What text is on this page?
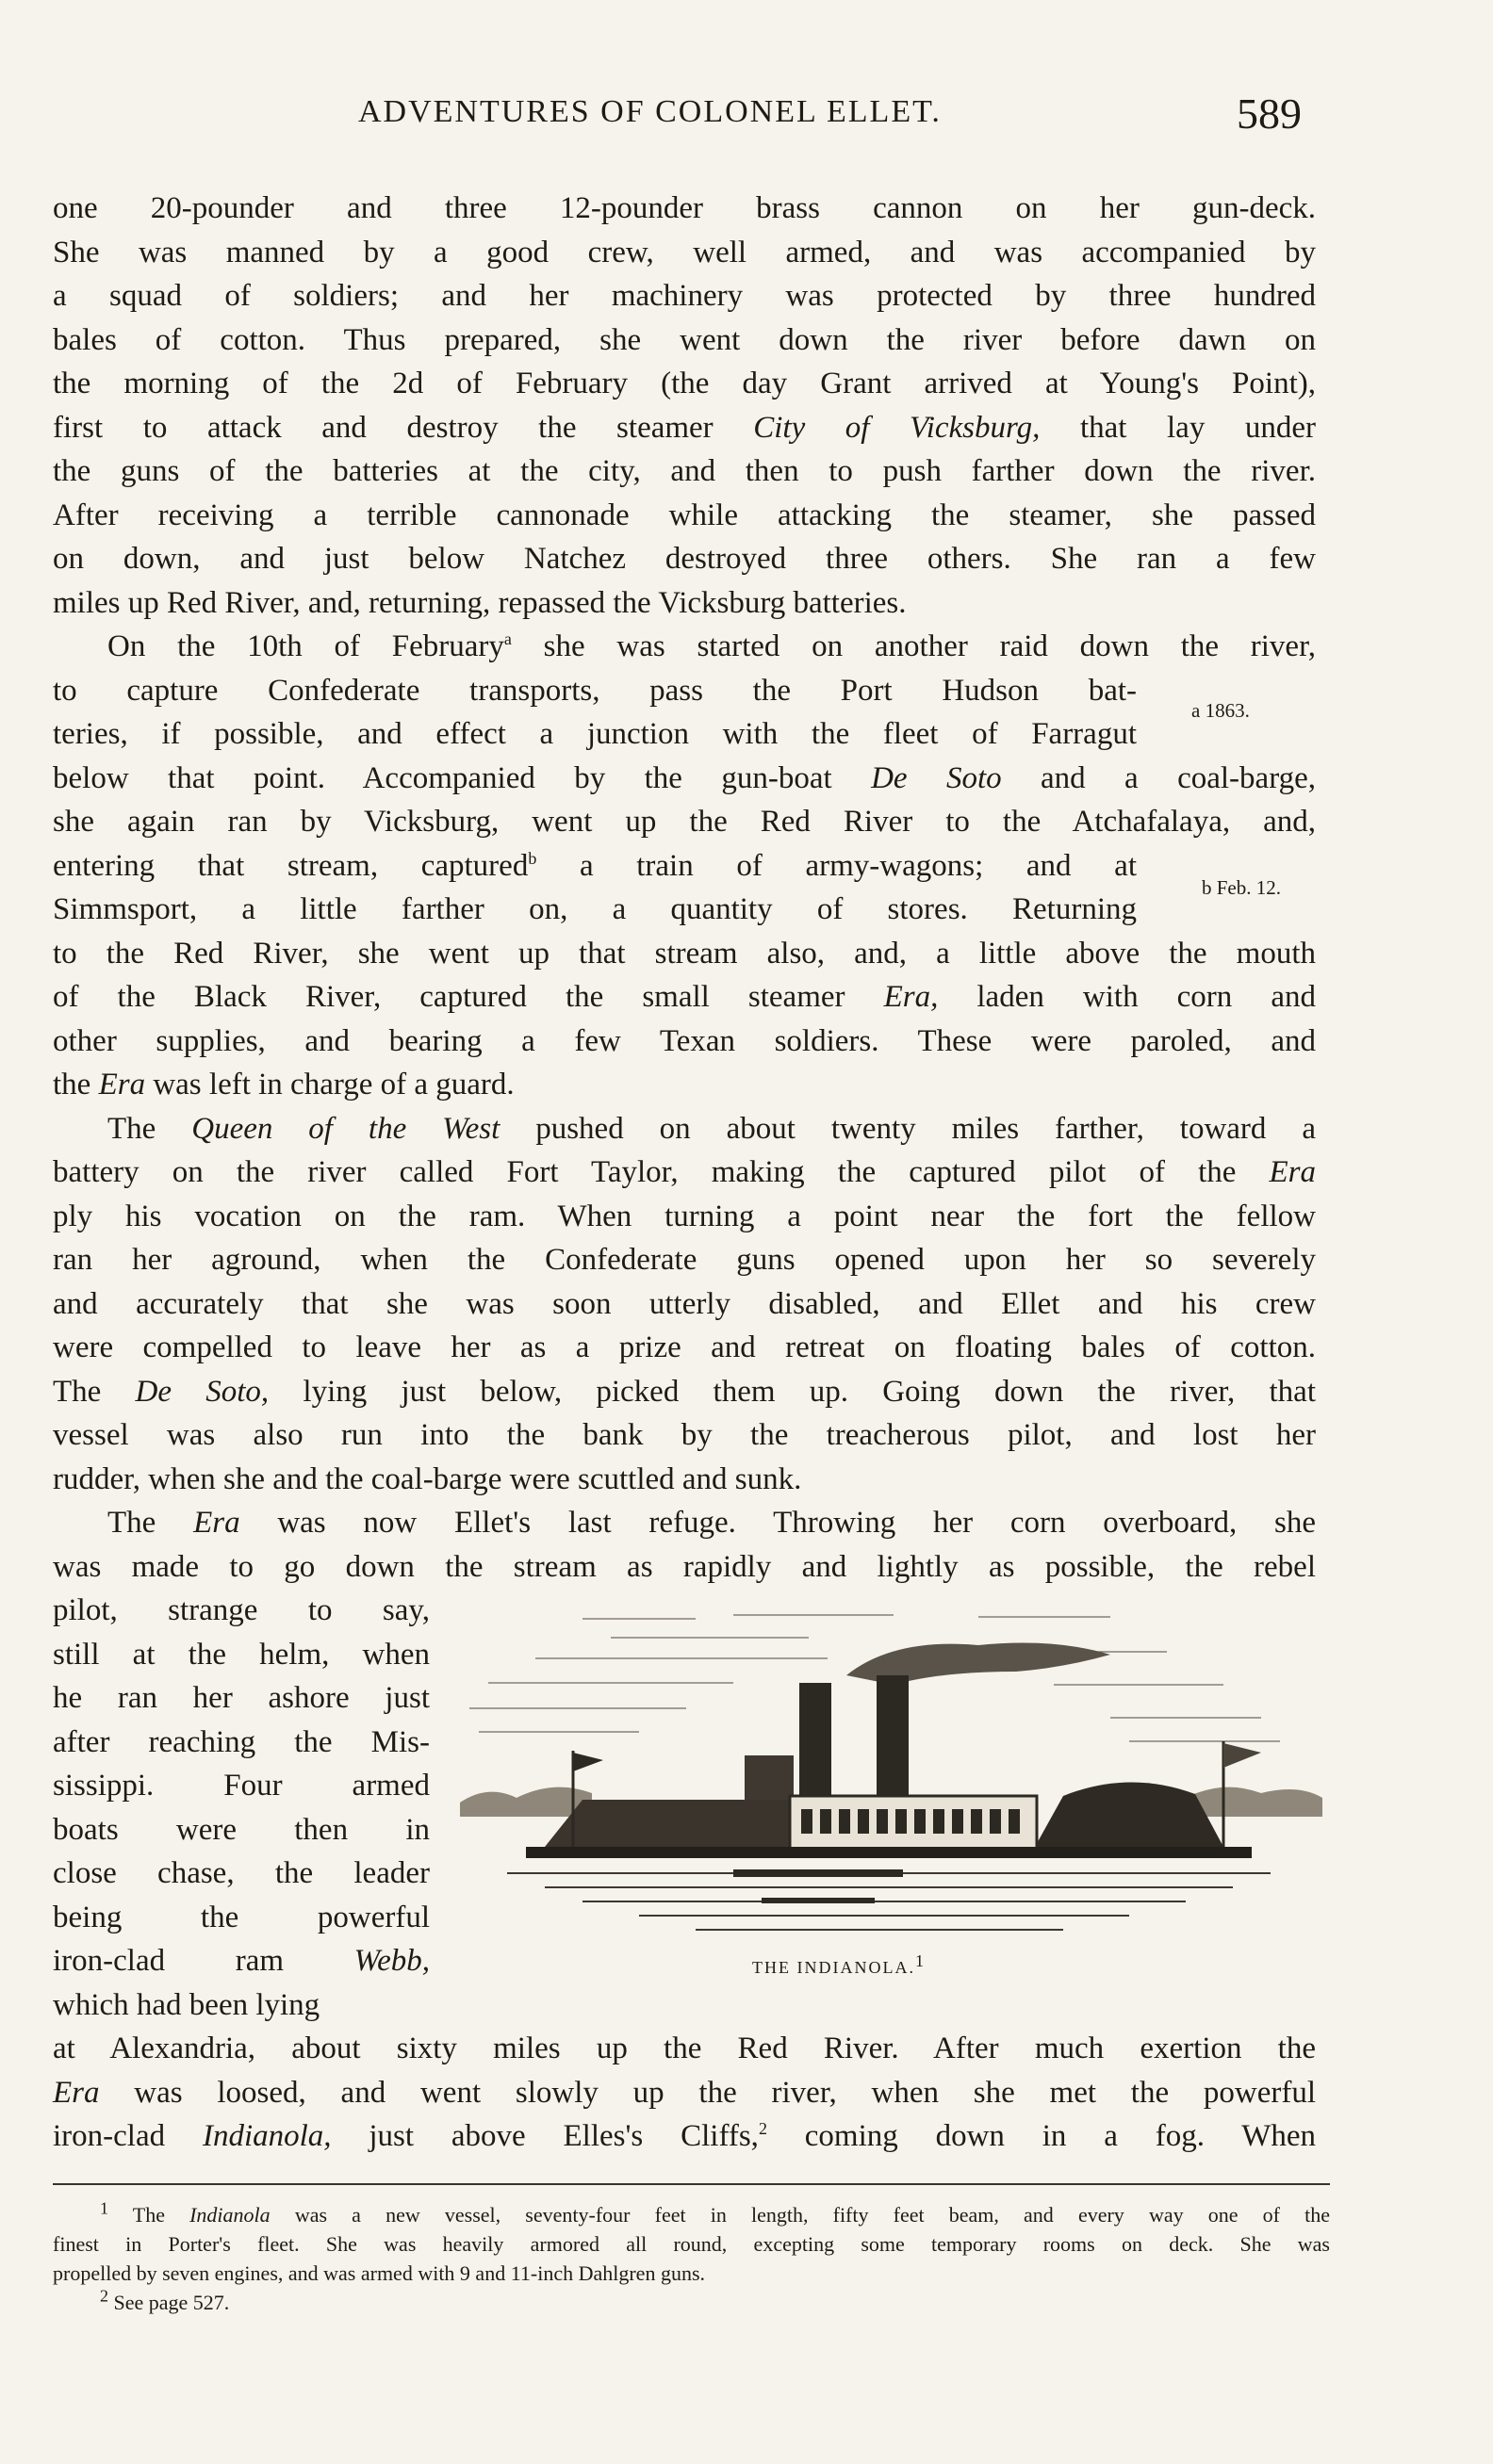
ADVENTURES OF COLONEL ELLET.	589
one 20-pounder and three 12-pounder brass cannon on her gun-deck.
She was manned by a good crew, well armed, and was accompanied by
a squad of soldiers; and her machinery was protected by three hundred
bales of cotton. Thus prepared, she went down the river before dawn on
the morning of the 2d of February (the day Grant arrived at Young's Point),
first to attack and destroy the steamer City of Vicksburg, that lay under
the guns of the batteries at the city, and then to push farther down the river.
After receiving a terrible cannonade while attacking the steamer, she passed
on down, and just below Natchez destroyed three others. She ran a few
miles up Red River, and, returning, repassed the Vicksburg batteries.
On the 10th of February$^a$ she was started on another raid down the river,
to capture Confederate transports, pass the Port Hudson bat-
teries, if possible, and effect a junction with the fleet of Farragut
below that point. Accompanied by the gun-boat De Soto and a coal-barge,
she again ran by Vicksburg, went up the Red River to the Atchafalaya, and,
entering that stream, captured$^b$ a train of army-wagons; and at
Simmsport, a little farther on, a quantity of stores. Returning
to the Red River, she went up that stream also, and, a little above the mouth
of the Black River, captured the small steamer Era, laden with corn and
other supplies, and bearing a few Texan soldiers. These were paroled, and
the Era was left in charge of a guard.
The Queen of the West pushed on about twenty miles farther, toward a
battery on the river called Fort Taylor, making the captured pilot of the Era
ply his vocation on the ram. When turning a point near the fort the fellow
ran her aground, when the Confederate guns opened upon her so severely
and accurately that she was soon utterly disabled, and Ellet and his crew
were compelled to leave her as a prize and retreat on floating bales of cotton.
The De Soto, lying just below, picked them up. Going down the river, that
vessel was also run into the bank by the treacherous pilot, and lost her
rudder, when she and the coal-barge were scuttled and sunk.
The Era was now Ellet's last refuge. Throwing her corn overboard, she
was made to go down the stream as rapidly and lightly as possible, the rebel
pilot, strange to say,
still at the helm, when
he ran her ashore just
after reaching the Mis-
sissippi. Four armed
boats were then in
close chase, the leader
being the powerful
iron-clad ram Webb,
which had been lying
at Alexandria, about sixty miles up the Red River. After much exertion the
Era was loosed, and went slowly up the river, when she met the powerful
iron-clad Indianola, just above Elles's Cliffs,$^2$ coming down in a fog. When
a 1863.
b Feb. 12.
THE INDIANOLA.$^1$
$^1$ The Indianola was a new vessel, seventy-four feet in length, fifty feet beam, and every way one of the
finest in Porter's fleet. She was heavily armored all round, excepting some temporary rooms on deck. She was
propelled by seven engines, and was armed with 9 and 11-inch Dahlgren guns.
$^2$ See page 527.
